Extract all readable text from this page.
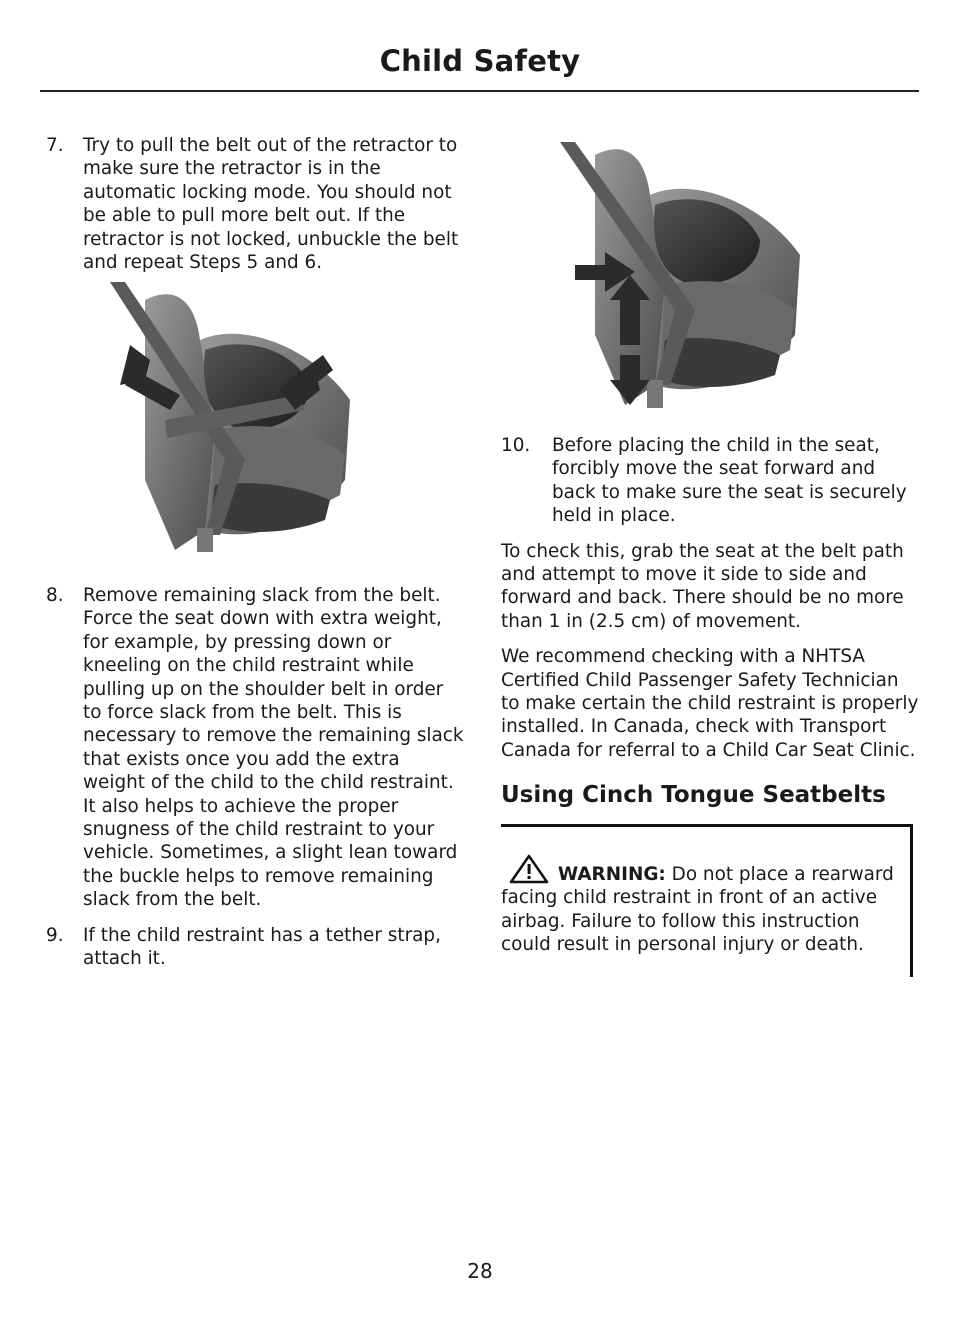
Child Safety
7.	Try to pull the belt out of the retractor to make sure the retractor is in the automatic locking mode. You should not be able to pull more belt out. If the retractor is not locked, unbuckle the belt and repeat Steps 5 and 6.
8.	Remove remaining slack from the belt. Force the seat down with extra weight, for example, by pressing down or kneeling on the child restraint while pulling up on the shoulder belt in order to force slack from the belt. This is necessary to remove the remaining slack that exists once you add the extra weight of the child to the child restraint. It also helps to achieve the proper snugness of the child restraint to your vehicle. Sometimes, a slight lean toward the buckle helps to remove remaining slack from the belt.
9.	If the child restraint has a tether strap, attach it.
10.	Before placing the child in the seat, forcibly move the seat forward and back to make sure the seat is securely held in place.

To check this, grab the seat at the belt path and attempt to move it side to side and forward and back. There should be no more than 1 in (2.5 cm) of movement.

We recommend checking with a NHTSA Certified Child Passenger Safety Technician to make certain the child restraint is properly installed. In Canada, check with Transport Canada for referral to a Child Car Seat Clinic.

Using Cinch Tongue Seatbelts
WARNING: Do not place a rearward facing child restraint in front of an active airbag. Failure to follow this instruction could result in personal injury or death.
28
